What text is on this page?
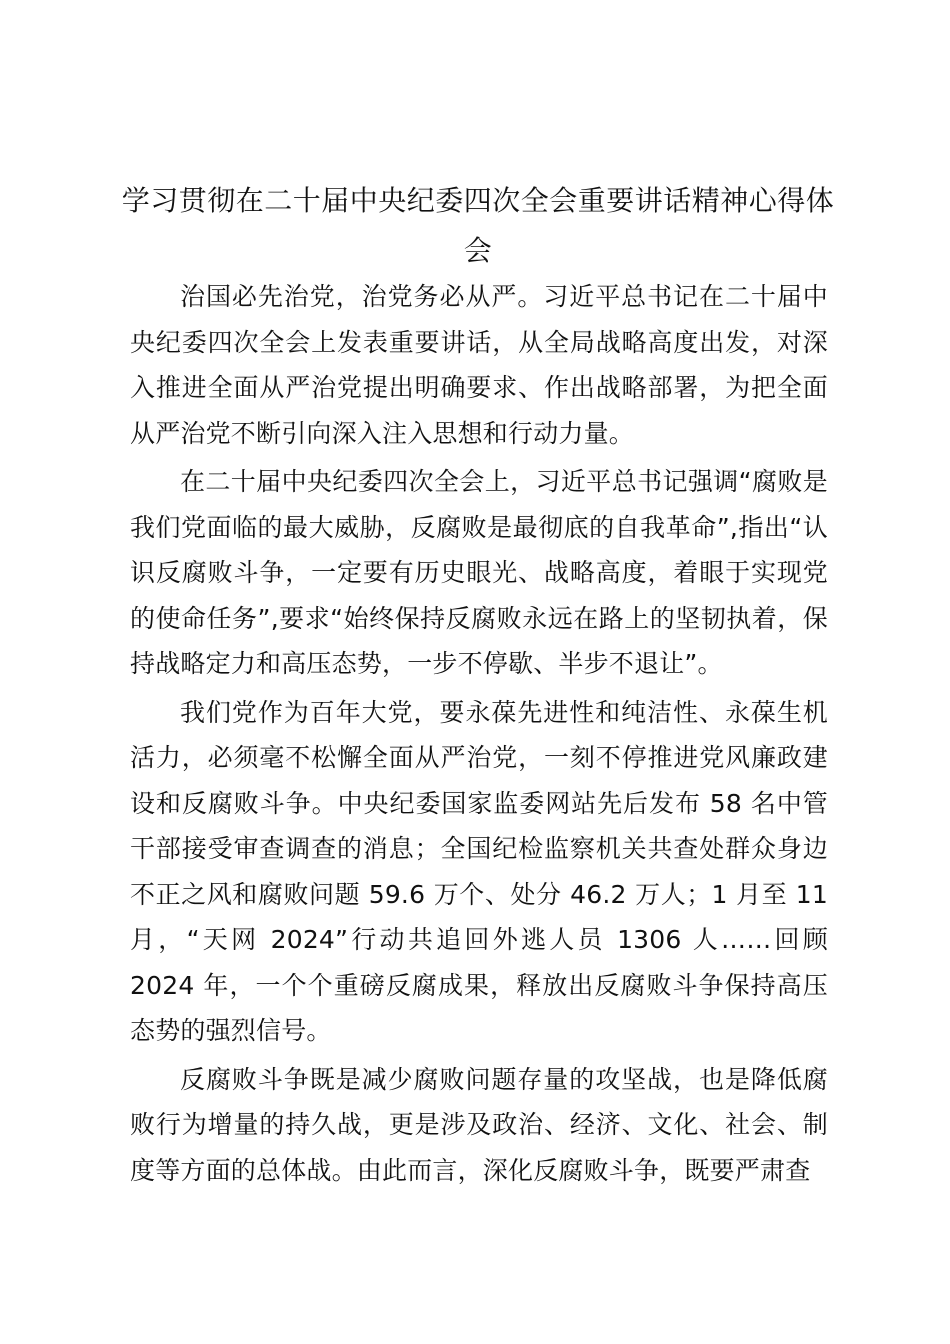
学习贯彻在二十届中央纪委四次全会重要讲话精神心得体会

治国必先治党，治党务必从严。习近平总书记在二十届中央纪委四次全会上发表重要讲话，从全局战略高度出发，对深入推进全面从严治党提出明确要求、作出战略部署，为把全面从严治党不断引向深入注入思想和行动力量。

在二十届中央纪委四次全会上，习近平总书记强调“腐败是我们党面临的最大威胁，反腐败是最彻底的自我革命”,指出“认识反腐败斗争，一定要有历史眼光、战略高度，着眼于实现党的使命任务”,要求“始终保持反腐败永远在路上的坚韧执着，保持战略定力和高压态势，一步不停歇、半步不退让”。

我们党作为百年大党，要永葆先进性和纯洁性、永葆生机活力，必须毫不松懈全面从严治党，一刻不停推进党风廉政建设和反腐败斗争。中央纪委国家监委网站先后发布 58 名中管干部接受审查调查的消息；全国纪检监察机关共查处群众身边不正之风和腐败问题 59.6 万个、处分 46.2 万人；1 月至 11 月，“天网 2024”行动共追回外逃人员 1306 人……回顾 2024 年，一个个重磅反腐成果，释放出反腐败斗争保持高压态势的强烈信号。

反腐败斗争既是减少腐败问题存量的攻坚战，也是降低腐败行为增量的持久战，更是涉及政治、经济、文化、社会、制度等方面的总体战。由此而言，深化反腐败斗争，既要严肃查
